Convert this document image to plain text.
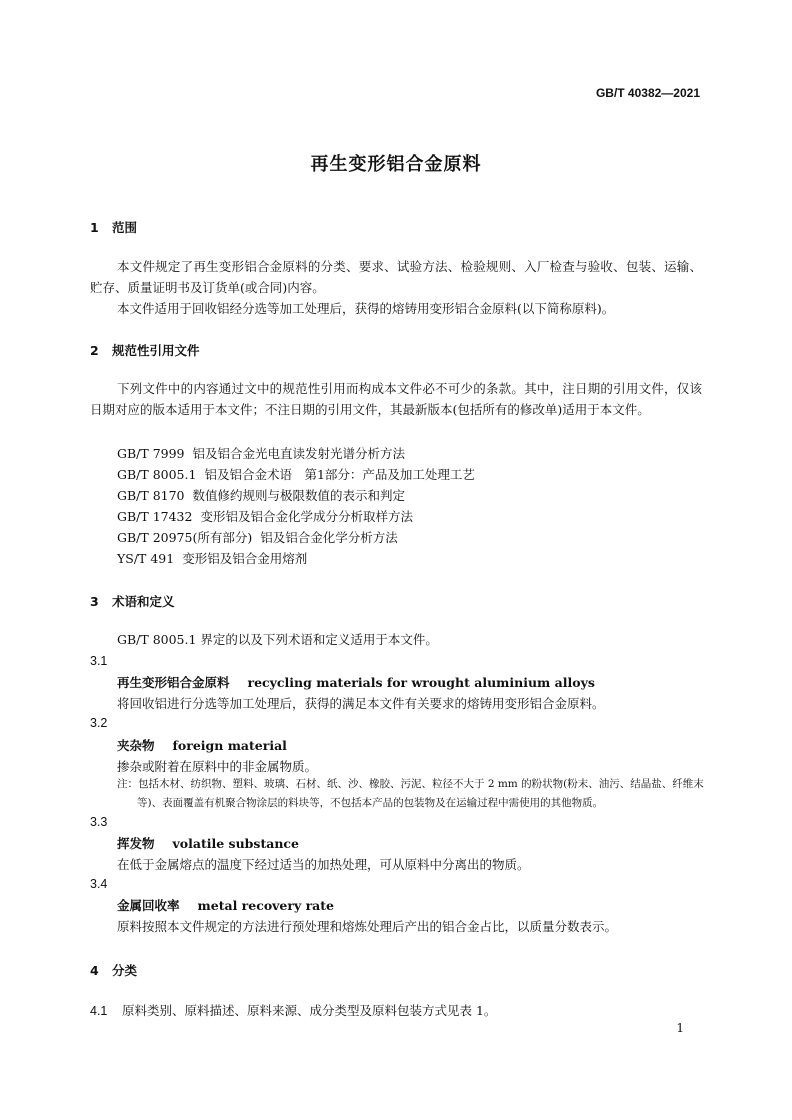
GB/T 40382—2021
再生变形铝合金原料
1 范围
本文件规定了再生变形铝合金原料的分类、要求、试验方法、检验规则、入厂检查与验收、包装、运输、贮存、质量证明书及订货单(或合同)内容。
本文件适用于回收铝经分选等加工处理后，获得的熔铸用变形铝合金原料(以下简称原料)。
2 规范性引用文件
下列文件中的内容通过文中的规范性引用而构成本文件必不可少的条款。其中，注日期的引用文件，仅该日期对应的版本适用于本文件；不注日期的引用文件，其最新版本(包括所有的修改单)适用于本文件。
GB/T 7999 铝及铝合金光电直读发射光谱分析方法
GB/T 8005.1 铝及铝合金术语　第1部分：产品及加工处理工艺
GB/T 8170 数值修约规则与极限数值的表示和判定
GB/T 17432 变形铝及铝合金化学成分分析取样方法
GB/T 20975(所有部分) 铝及铝合金化学分析方法
YS/T 491 变形铝及铝合金用熔剂
3 术语和定义
GB/T 8005.1 界定的以及下列术语和定义适用于本文件。
3.1
再生变形铝合金原料 recycling materials for wrought aluminium alloys
将回收铝进行分选等加工处理后，获得的满足本文件有关要求的熔铸用变形铝合金原料。
3.2
夹杂物 foreign material
掺杂或附着在原料中的非金属物质。
注：包括木材、纺织物、塑料、玻璃、石材、纸、沙、橡胶、污泥、粒径不大于 2 mm 的粉状物(粉末、油污、结晶盐、纤维末
等)、表面覆盖有机聚合物涂层的料块等，不包括本产品的包装物及在运输过程中需使用的其他物质。
3.3
挥发物 volatile substance
在低于金属熔点的温度下经过适当的加热处理，可从原料中分离出的物质。
3.4
金属回收率 metal recovery rate
原料按照本文件规定的方法进行预处理和熔炼处理后产出的铝合金占比，以质量分数表示。
4 分类
4.1 原料类别、原料描述、原料来源、成分类型及原料包装方式见表 1。
1
